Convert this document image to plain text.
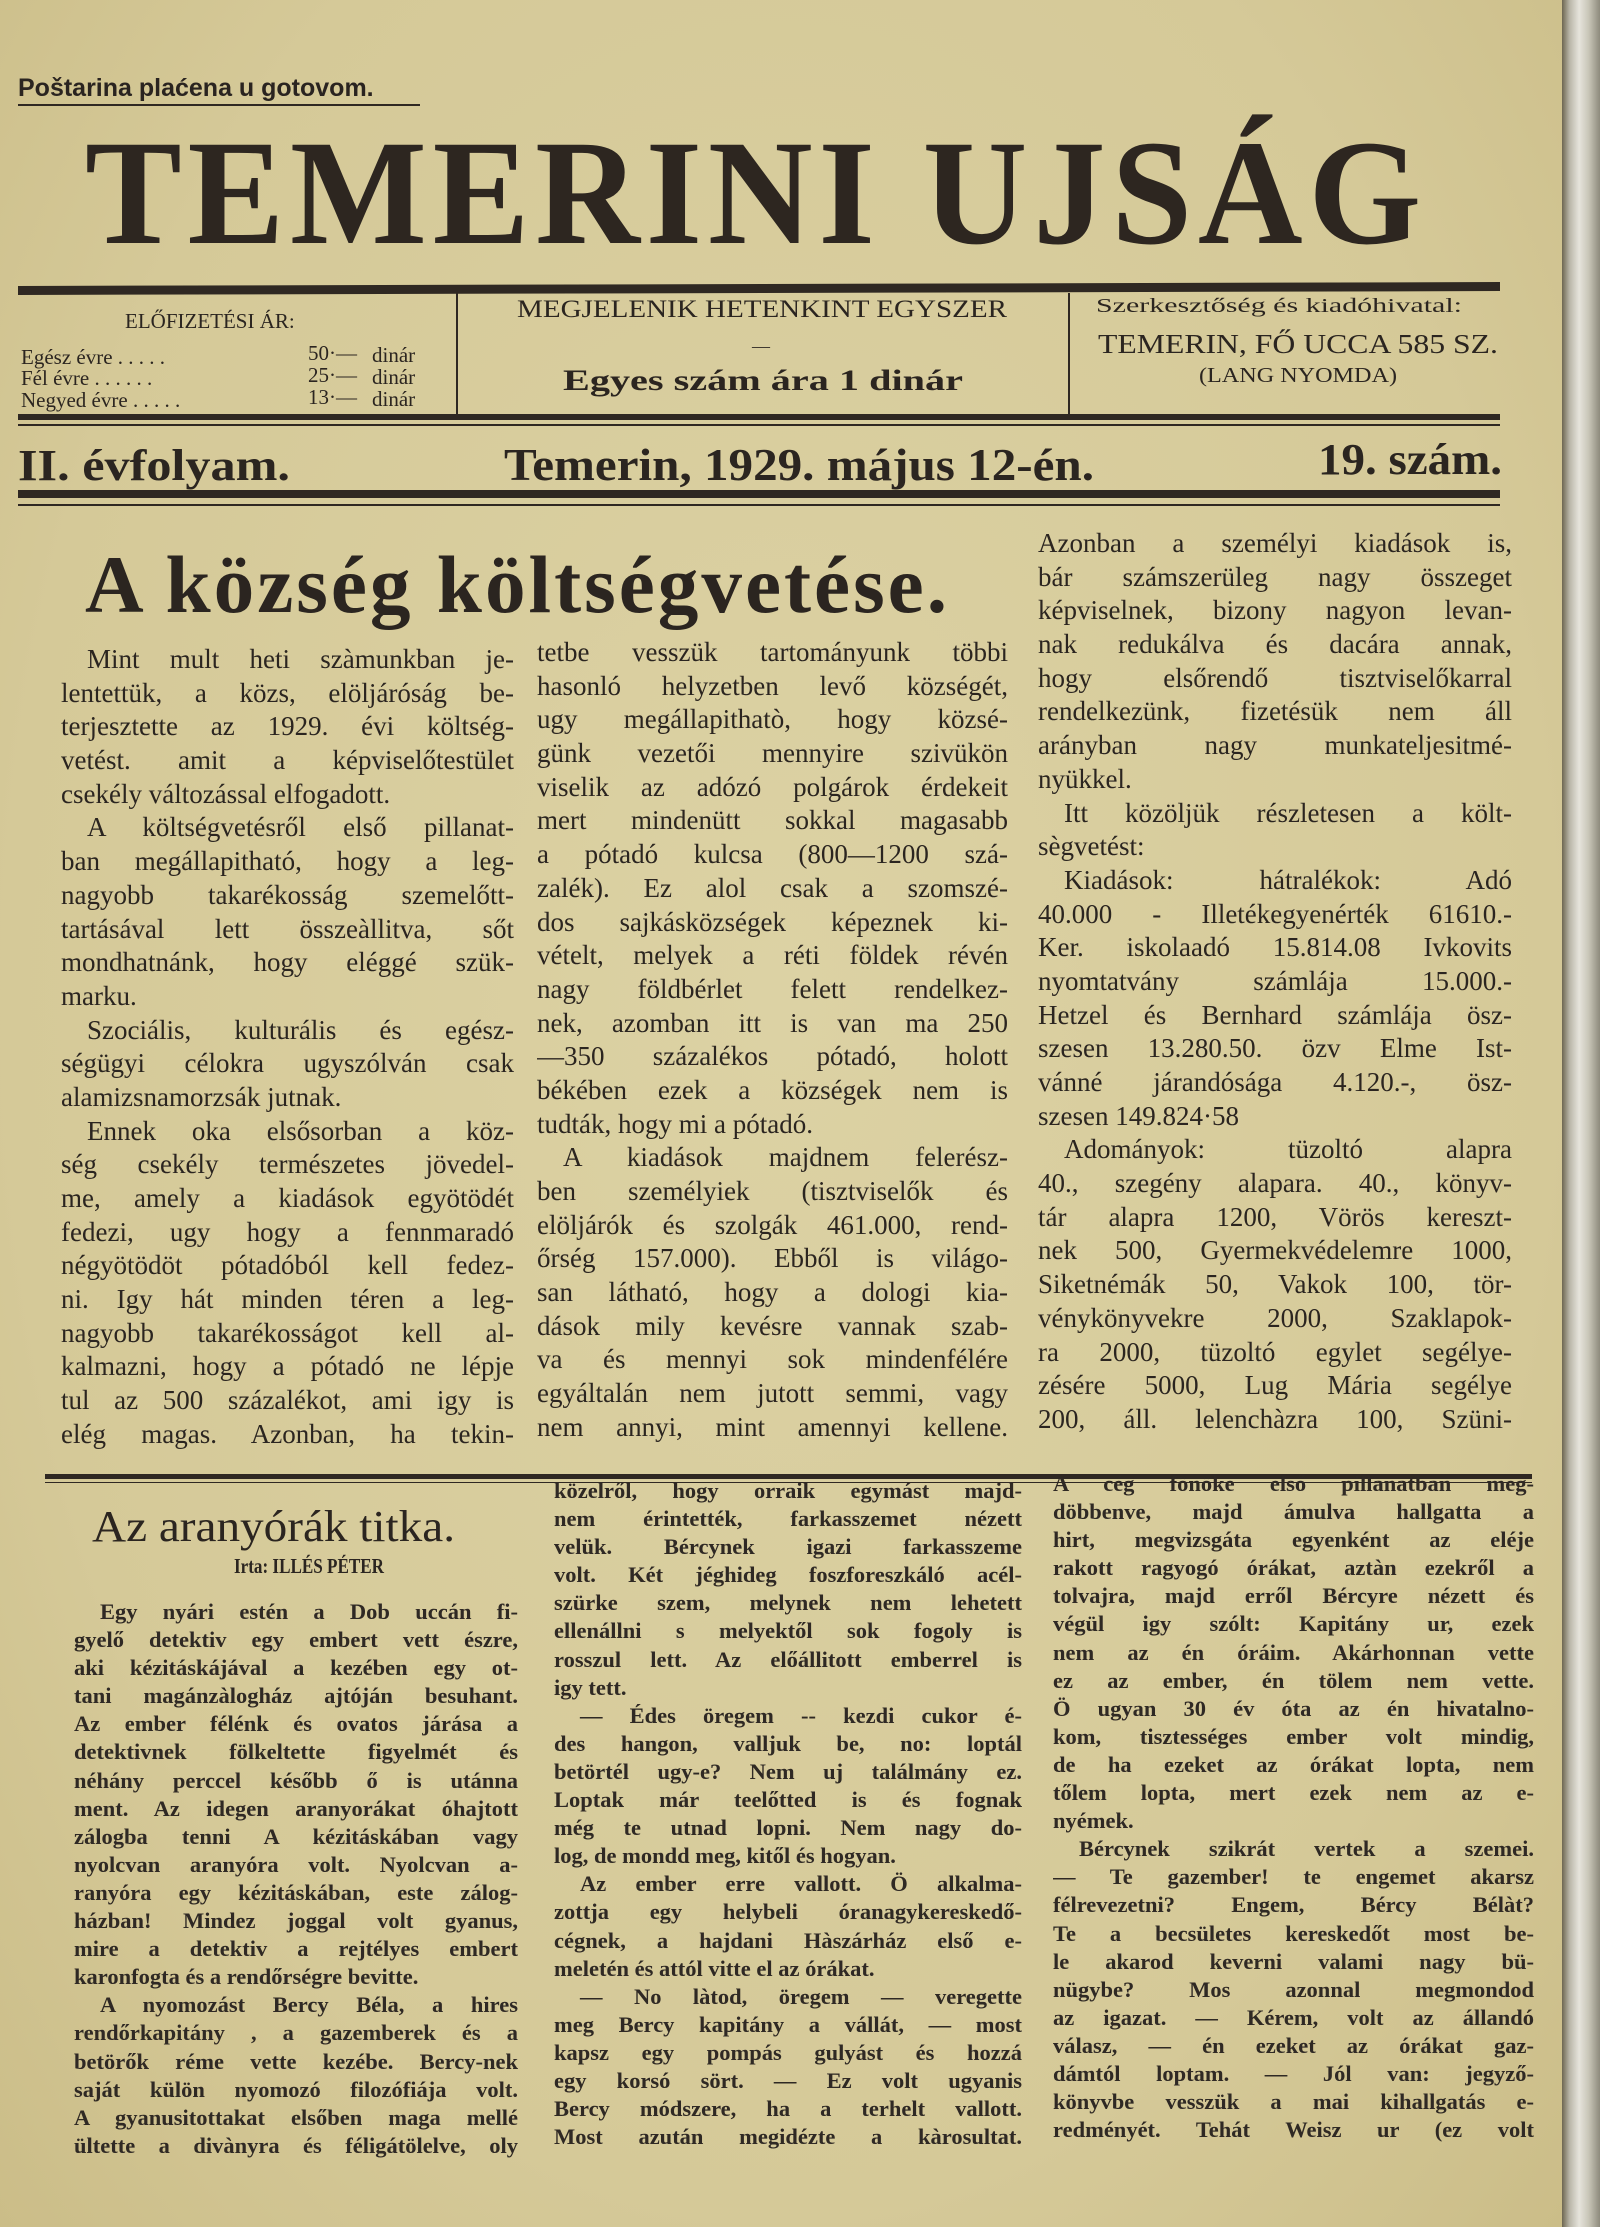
Poštarina plaćena u gotovom.
TEMERINI UJSÁG
ELŐFIZETÉSI ÁR:
Egész évre . . . . .	50·— dinár
Fél évre . . . . . .	25·— dinár
Negyed évre . . . . .	13·— dinár
MEGJELENIK HETENKINT EGYSZER
—
Egyes szám ára 1 dinár
Szerkesztőség és kiadóhivatal:
TEMERIN, FŐ UCCA 585 SZ.
(LANG NYOMDA)
II. évfolyam.	Temerin, 1929. május 12-én.	19. szám.
A község költségvetése.
Mint mult heti szàmunkban je-
lentettük, a közs, elöljáróság be-
terjesztette az 1929. évi költség-
vetést. amit a képviselőtestület
csekély változással elfogadott.
A költségvetésről első pillanat-
ban megállapitható, hogy a leg-
nagyobb takarékosság szemelőtt-
tartásával lett összeàllitva, sőt
mondhatnánk, hogy eléggé szük-
marku.
Szociális, kulturális és egész-
ségügyi célokra ugyszólván csak
alamizsnamorzsák jutnak.
Ennek oka elsősorban a köz-
ség csekély természetes jövedel-
me, amely a kiadások egyötödét
fedezi, ugy hogy a fennmaradó
négyötödöt pótadóból kell fedez-
ni. Igy hát minden téren a leg-
nagyobb takarékosságot kell al-
kalmazni, hogy a pótadó ne lépje
tul az 500 százalékot, ami igy is
elég magas. Azonban, ha tekin-
tetbe vesszük tartományunk többi
hasonló helyzetben levő községét,
ugy megállapithatò, hogy közsé-
günk vezetői mennyire szivükön
viselik az adózó polgárok érdekeit
mert mindenütt sokkal magasabb
a pótadó kulcsa (800—1200 szá-
zalék). Ez alol csak a szomszé-
dos sajkásközségek képeznek ki-
vételt, melyek a réti földek révén
nagy földbérlet felett rendelkez-
nek, azomban itt is van ma 250
—350 százalékos pótadó, holott
békében ezek a községek nem is
tudták, hogy mi a pótadó.
A kiadások majdnem felerész-
ben személyiek (tisztviselők és
elöljárók és szolgák 461.000, rend-
őrség 157.000). Ebből is világo-
san látható, hogy a dologi kia-
dások mily kevésre vannak szab-
va és mennyi sok mindenfélére
egyáltalán nem jutott semmi, vagy
nem annyi, mint amennyi kellene.
Azonban a személyi kiadások is,
bár számszerüleg nagy összeget
képviselnek, bizony nagyon levan-
nak redukálva és dacára annak,
hogy elsőrendő tisztviselőkarral
rendelkezünk, fizetésük nem áll
arányban nagy munkateljesitmé-
nyükkel.
Itt közöljük részletesen a költ-
sègvetést:
Kiadások: hátralékok: Adó
40.000 - Illetékegyenérték 61610.-
Ker. iskolaadó 15.814.08 Ivkovits
nyomtatvány számlája 15.000.-
Hetzel és Bernhard számlája ösz-
szesen 13.280.50. özv Elme Ist-
vánné járandósága 4.120.-, ösz-
szesen 149.824·58
Adományok: tüzoltó alapra
40., szegény alapara. 40., könyv-
tár alapra 1200, Vörös kereszt-
nek 500, Gyermekvédelemre 1000,
Siketnémák 50, Vakok 100, tör-
vénykönyvekre 2000, Szaklapok-
ra 2000, tüzoltó egylet segélye-
zésére 5000, Lug Mária segélye
200, áll. lelenchàzra 100, Szüni-
Az aranyórák titka.
Irta: ILLÉS PÉTER
Egy nyári estén a Dob uccán fi-
gyelő detektiv egy embert vett észre,
aki kézitáskájával a kezében egy ot-
tani magánzàlogház ajtóján besuhant.
Az ember félénk és ovatos járása a
detektivnek fölkeltette figyelmét és
néhány perccel később ő is utánna
ment. Az idegen aranyorákat óhajtott
zálogba tenni A kézitáskában vagy
nyolcvan aranyóra volt. Nyolcvan a-
ranyóra egy kézitáskában, este zálog-
házban! Mindez joggal volt gyanus,
mire a detektiv a rejtélyes embert
karonfogta és a rendőrségre bevitte.
A nyomozást Bercy Béla, a hires
rendőrkapitány , a gazemberek és a
betörők réme vette kezébe. Bercy-nek
saját külön nyomozó filozófiája volt.
A gyanusitottakat elsőben maga mellé
ültette a divànyra és féligátölelve, oly
közelről, hogy orraik egymást majd-
nem érintették, farkasszemet nézett
velük. Bércynek igazi farkasszeme
volt. Két jéghideg foszforeszkáló acél-
szürke szem, melynek nem lehetett
ellenállni s melyektől sok fogoly is
rosszul lett. Az előállitott emberrel is
igy tett.
— Édes öregem -- kezdi cukor é-
des hangon, valljuk be, no: loptál
betörtél ugy-e? Nem uj találmány ez.
Loptak már teelőtted is és fognak
még te utnad lopni. Nem nagy do-
log, de mondd meg, kitől és hogyan.
Az ember erre vallott. Ö alkalma-
zottja egy helybeli óranagykereskedő-
cégnek, a hajdani Hàszárház első e-
meletén és attól vitte el az órákat.
— No làtod, öregem — veregette
meg Bercy kapitány a vállát, — most
kapsz egy pompás gulyást és hozzá
egy korsó sört. — Ez volt ugyanis
Bercy módszere, ha a terhelt vallott.
Most azután megidézte a kàrosultat.
A cég fönöke első pillanatban meg-
döbbenve, majd ámulva hallgatta a
hirt, megvizsgáta egyenként az eléje
rakott ragyogó órákat, aztàn ezekről a
tolvajra, majd erről Bércyre nézett és
végül igy szólt: Kapitány ur, ezek
nem az én óráim. Akárhonnan vette
ez az ember, én tölem nem vette.
Ö ugyan 30 év óta az én hivatalno-
kom, tisztességes ember volt mindig,
de ha ezeket az órákat lopta, nem
tőlem lopta, mert ezek nem az e-
nyémek.
Bércynek szikrát vertek a szemei.
— Te gazember! te engemet akarsz
félrevezetni? Engem, Bércy Bélàt?
Te a becsületes kereskedőt most be-
le akarod keverni valami nagy bü-
nügybe? Mos azonnal megmondod
az igazat. — Kérem, volt az állandó
válasz, — én ezeket az órákat gaz-
dámtól loptam. — Jól van: jegyző-
könyvbe vesszük a mai kihallgatás e-
redményét. Tehát Weisz ur (ez volt
